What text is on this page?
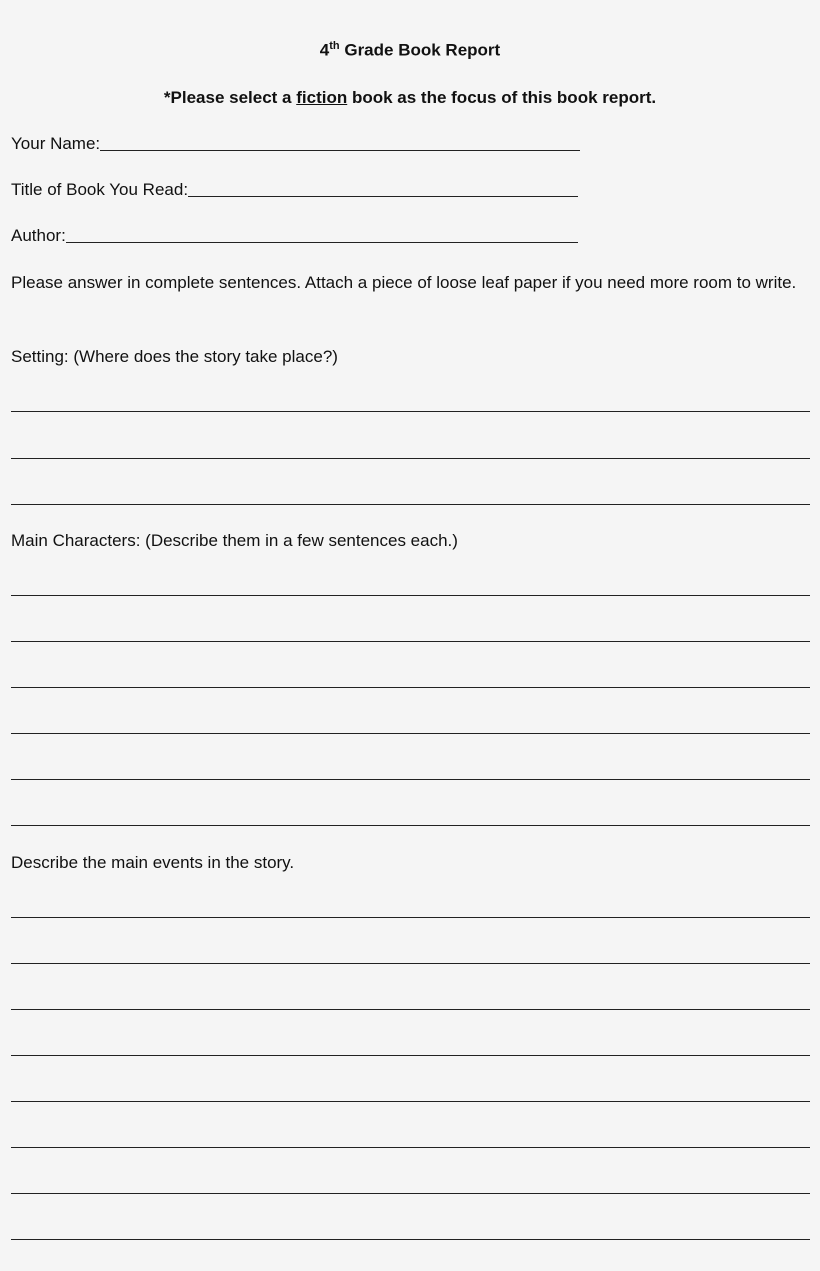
4th Grade Book Report
*Please select a fiction book as the focus of this book report.
Your Name:
Title of Book You Read:
Author:
Please answer in complete sentences. Attach a piece of loose leaf paper if you need more room to write.
Setting: (Where does the story take place?)
Main Characters: (Describe them in a few sentences each.)
Describe the main events in the story.
